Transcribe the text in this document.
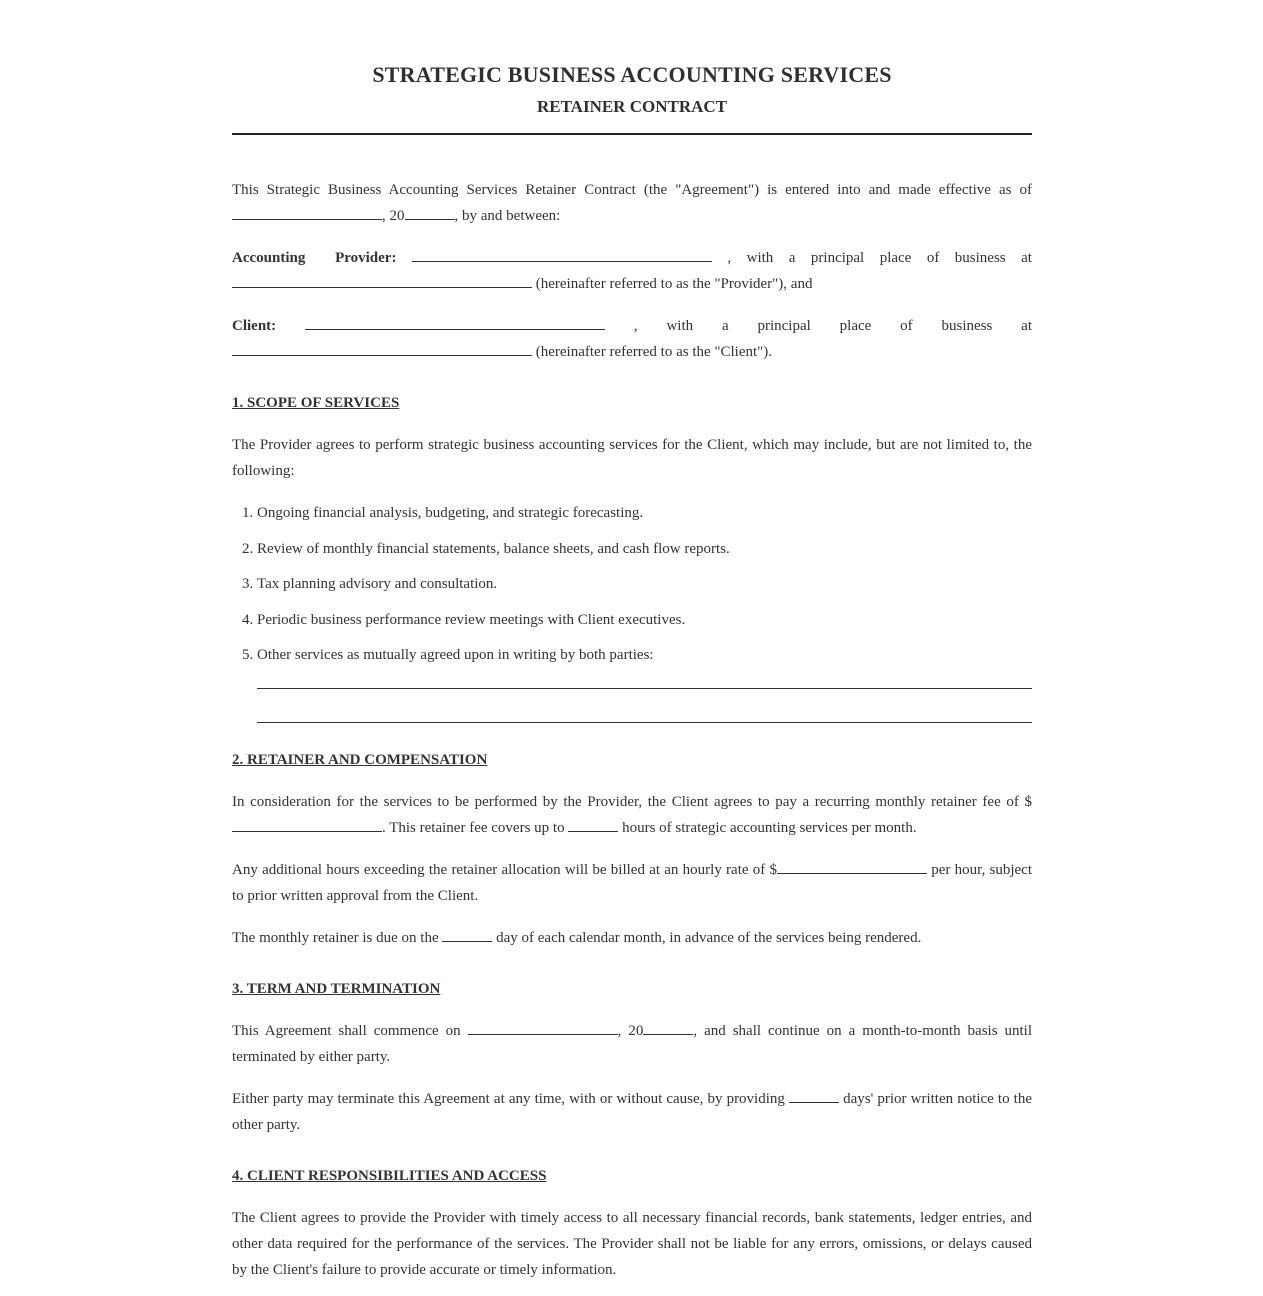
STRATEGIC BUSINESS ACCOUNTING SERVICES
RETAINER CONTRACT

This Strategic Business Accounting Services Retainer Contract (the "Agreement") is entered into and made effective as of , 20	, by and between:

Accounting Provider:	, with a principal place of business at

(hereinafter referred to as the "Provider"), and

Client:	, with a principal place of business at

(hereinafter referred to as the "Client").

1. SCOPE OF SERVICES

The Provider agrees to perform strategic business accounting services for the Client, which may include, but are not limited to, the following:

1. Ongoing financial analysis, budgeting, and strategic forecasting.
2. Review of monthly financial statements, balance sheets, and cash flow reports.
3. Tax planning advisory and consultation.
4. Periodic business performance review meetings with Client executives.
5. Other services as mutually agreed upon in writing by both parties:
2. RETAINER AND COMPENSATION

In consideration for the services to be performed by the Provider, the Client agrees to pay a recurring monthly retainer fee of $. This retainer fee covers up to	hours of strategic accounting services per month.

Any additional hours exceeding the retainer allocation will be billed at an hourly rate of $	per hour, subject to prior written approval from the Client.

The monthly retainer is due on the	day of each calendar month, in advance of the services being rendered.

3. TERM AND TERMINATION

This Agreement shall commence on	, 20	, and shall continue on a month-to-month basis until terminated by either party.

Either party may terminate this Agreement at any time, with or without cause, by providing	days' prior written notice to the other party.

4. CLIENT RESPONSIBILITIES AND ACCESS

The Client agrees to provide the Provider with timely access to all necessary financial records, bank statements, ledger entries, and other data required for the performance of the services. The Provider shall not be liable for any errors, omissions, or delays caused by the Client's failure to provide accurate or timely information.
